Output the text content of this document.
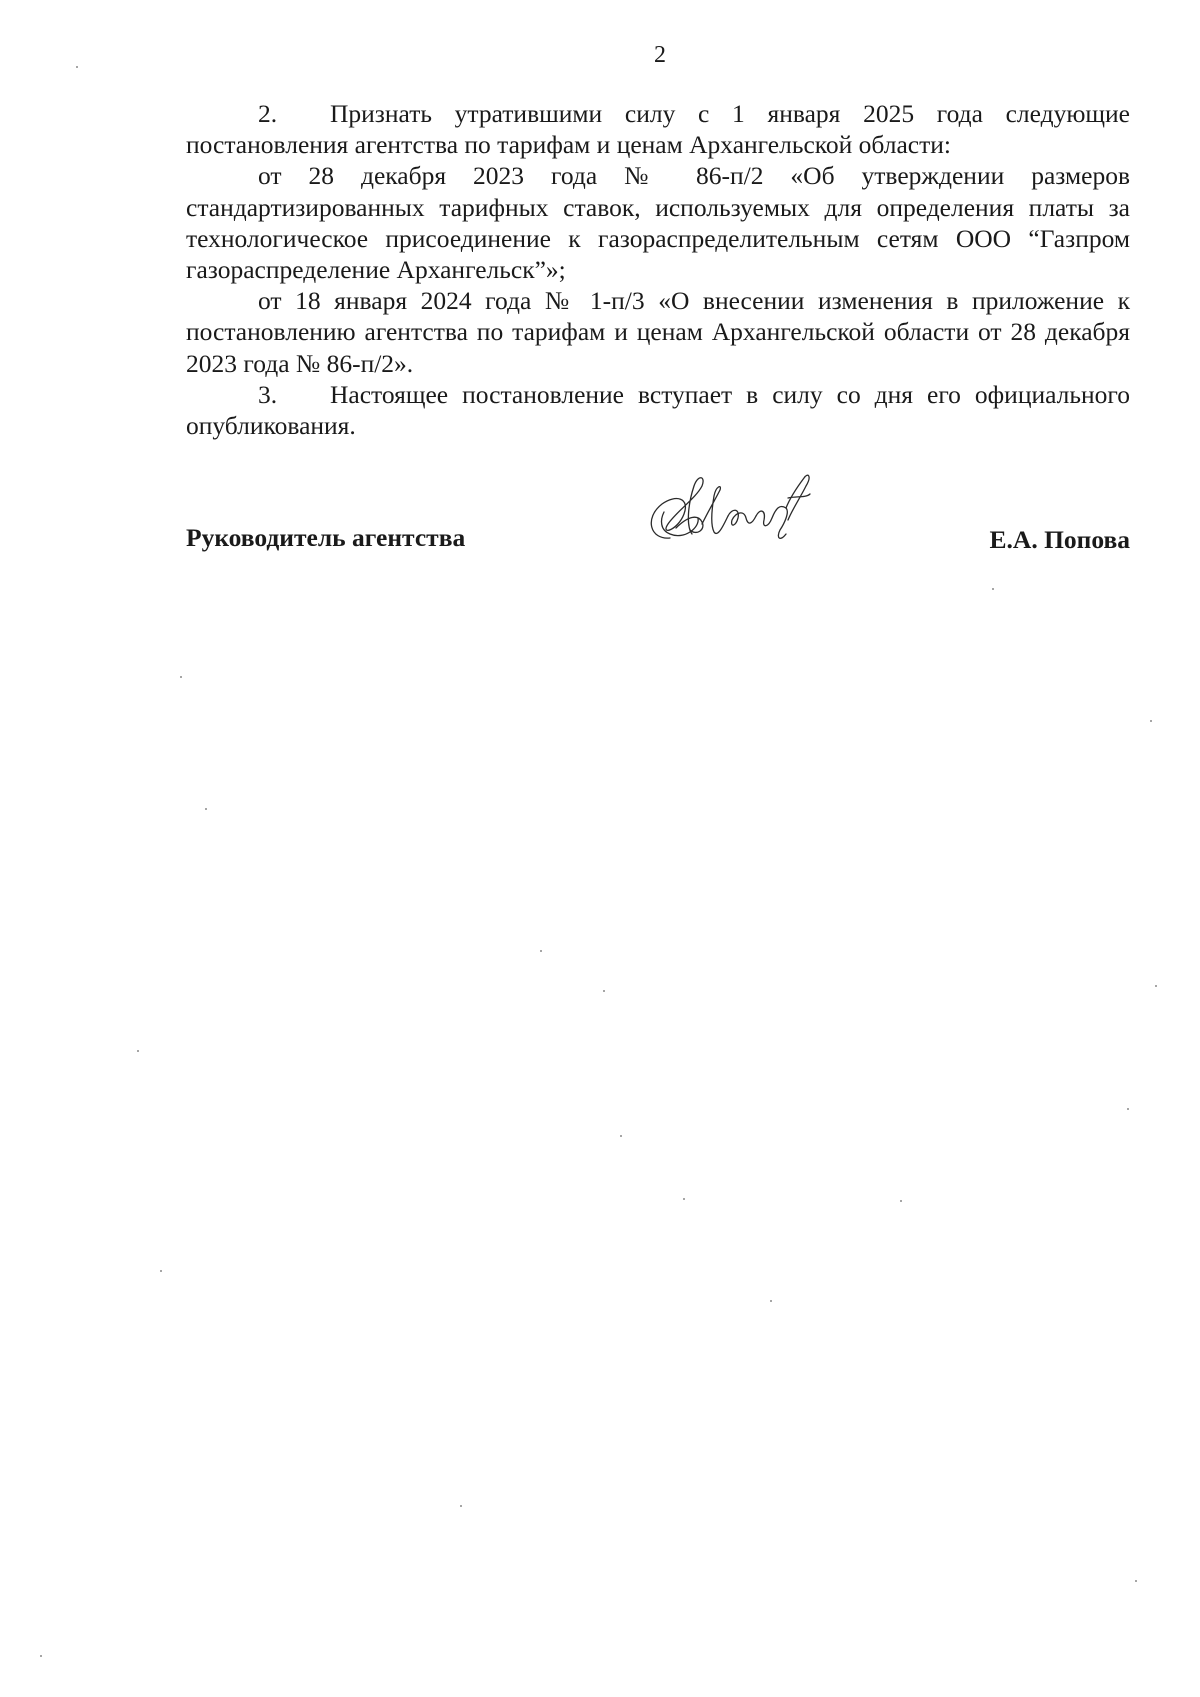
2

2. Признать утратившими силу с 1 января 2025 года следующие постановления агентства по тарифам и ценам Архангельской области:

от 28 декабря 2023 года № 86-п/2 «Об утверждении размеров стандартизированных тарифных ставок, используемых для определения платы за технологическое присоединение к газораспределительным сетям ООО “Газпром газораспределение Архангельск”»;

от 18 января 2024 года № 1-п/3 «О внесении изменения в приложение к постановлению агентства по тарифам и ценам Архангельской области от 28 декабря 2023 года № 86-п/2».

3. Настоящее постановление вступает в силу со дня его официального опубликования.

Руководитель агентства	Е.А. Попова
